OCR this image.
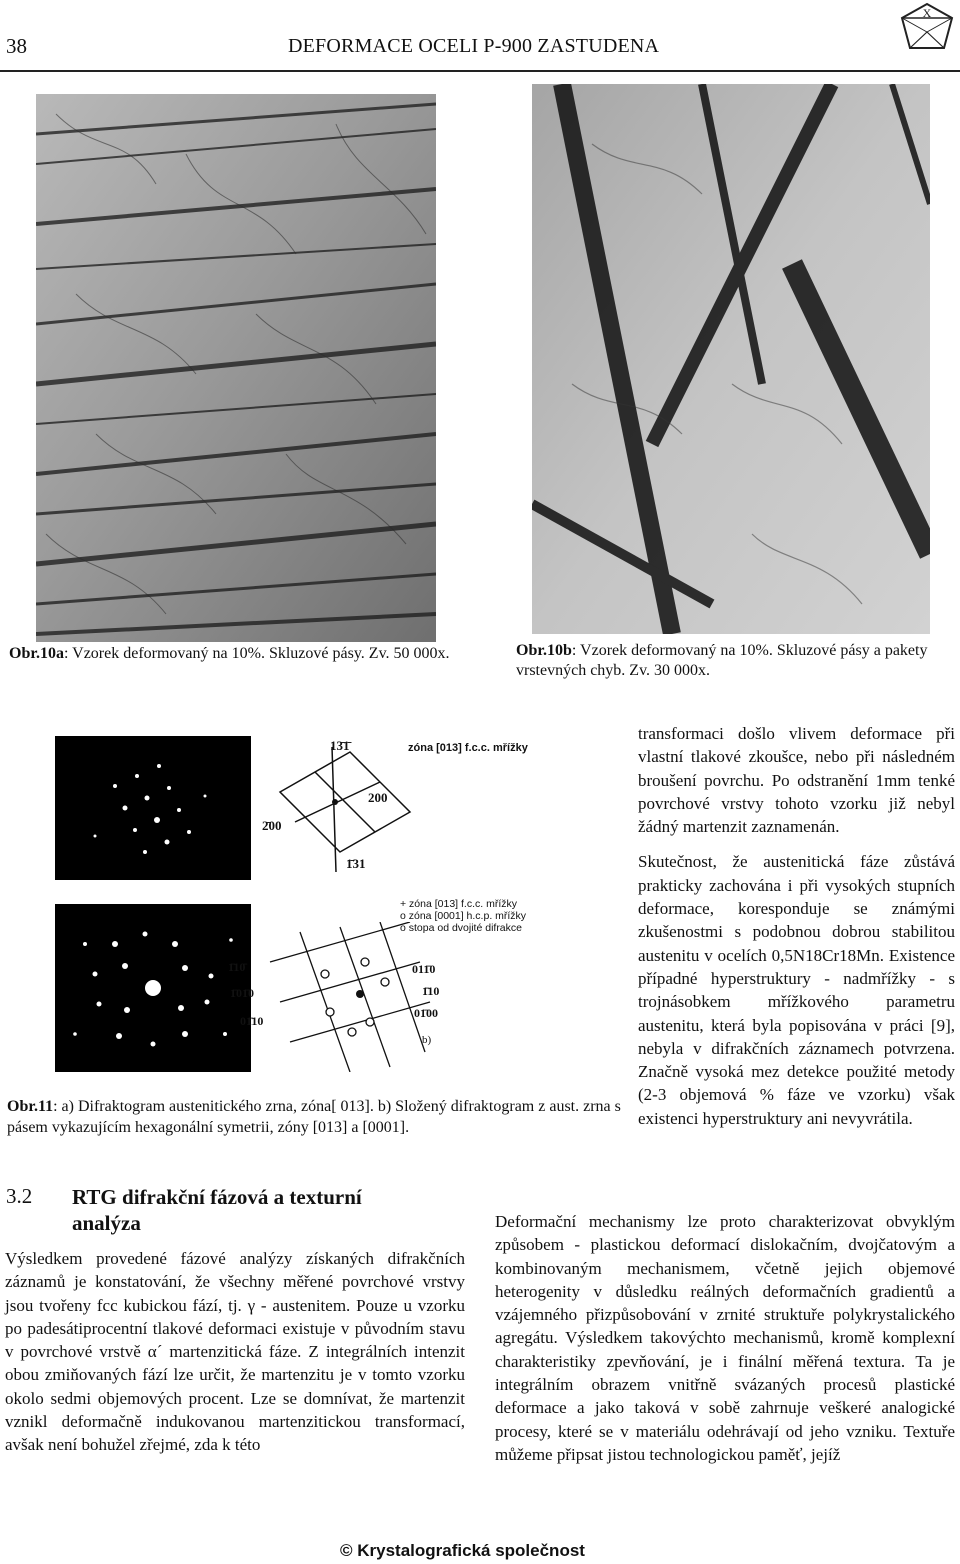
38	DEFORMACE OCELI P-900 ZASTUDENA
X
Obr.10a: Vzorek deformovaný na 10%. Skluzové pásy. Zv. 50 000x.	Obr.10b: Vzorek deformovaný na 10%. Skluzové pásy a pakety vrstevných chyb. Zv. 30 000x.
13̄1̄
200
2̄00
1̄31
zóna [013] f.c.c. mřížky
+ zóna [013] f.c.c. mřížky
o zóna [0001] h.c.p. mřížky
o stopa od dvojité difrakce
1̄10̄
1̄01̄0
01̄10
011̄0
1̄10
01̄00
b)
Obr.11: a) Difraktogram austenitického zrna, zóna[ 013]. b) Složený difraktogram z aust. zrna s pásem vykazujícím hexagonální symetrii, zóny [013] a [0001].
3.2 RTG difrakční fázová a texturní
analýza

Výsledkem provedené fázové analýzy získaných difrakčních záznamů je konstatování, že všechny měřené povrchové vrstvy jsou tvořeny fcc kubickou fází, tj. γ - austenitem. Pouze u vzorku po padesátiprocentní tlakové deformaci existuje v původním stavu v povrchové vrstvě α´ martenzitická fáze. Z integrálních intenzit obou zmiňovaných fází lze určit, že martenzitu je v tomto vzorku okolo sedmi objemových procent. Lze se domnívat, že martenzit vznikl deformačně indukovanou martenzitickou transformací, avšak není bohužel zřejmé, zda k této

transformaci došlo vlivem deformace při vlastní tlakové zkoušce, nebo při následném broušení povrchu. Po odstranění 1mm tenké povrchové vrstvy tohoto vzorku již nebyl žádný martenzit zaznamenán.

Skutečnost, že austenitická fáze zůstává prakticky zachována i při vysokých stupních deformace, koresponduje se známými zkušenostmi s podobnou dobrou stabilitou austenitu v ocelích 0,5N18Cr18Mn. Existence případné hyperstruktury - nadmřížky - s trojnásobkem mřížkového parametru austenitu, která byla popisována v práci [9], nebyla v difrakčních záznamech potvrzena. Značně vysoká mez detekce použité metody (2-3 objemová % fáze ve vzorku) však existenci hyperstruktury ani nevyvrátila.

Deformační mechanismy lze proto charakterizovat obvyklým způsobem - plastickou deformací dislokačním, dvojčatovým a kombinovaným mechanismem, včetně jejich objemové heterogenity v důsledku reálných deformačních gradientů a vzájemného přizpůsobování v zrnité struktuře polykrystalického agregátu. Výsledkem takovýchto mechanismů, kromě komplexní charakteristiky zpevňování, je i finální měřená textura. Ta je integrálním obrazem vnitřně svázaných procesů plastické deformace a jako taková v sobě zahrnuje veškeré analogické procesy, které se v materiálu odehrávají od jeho vzniku. Textuře můžeme připsat jistou technologickou paměť, jejíž

© Krystalografická společnost
